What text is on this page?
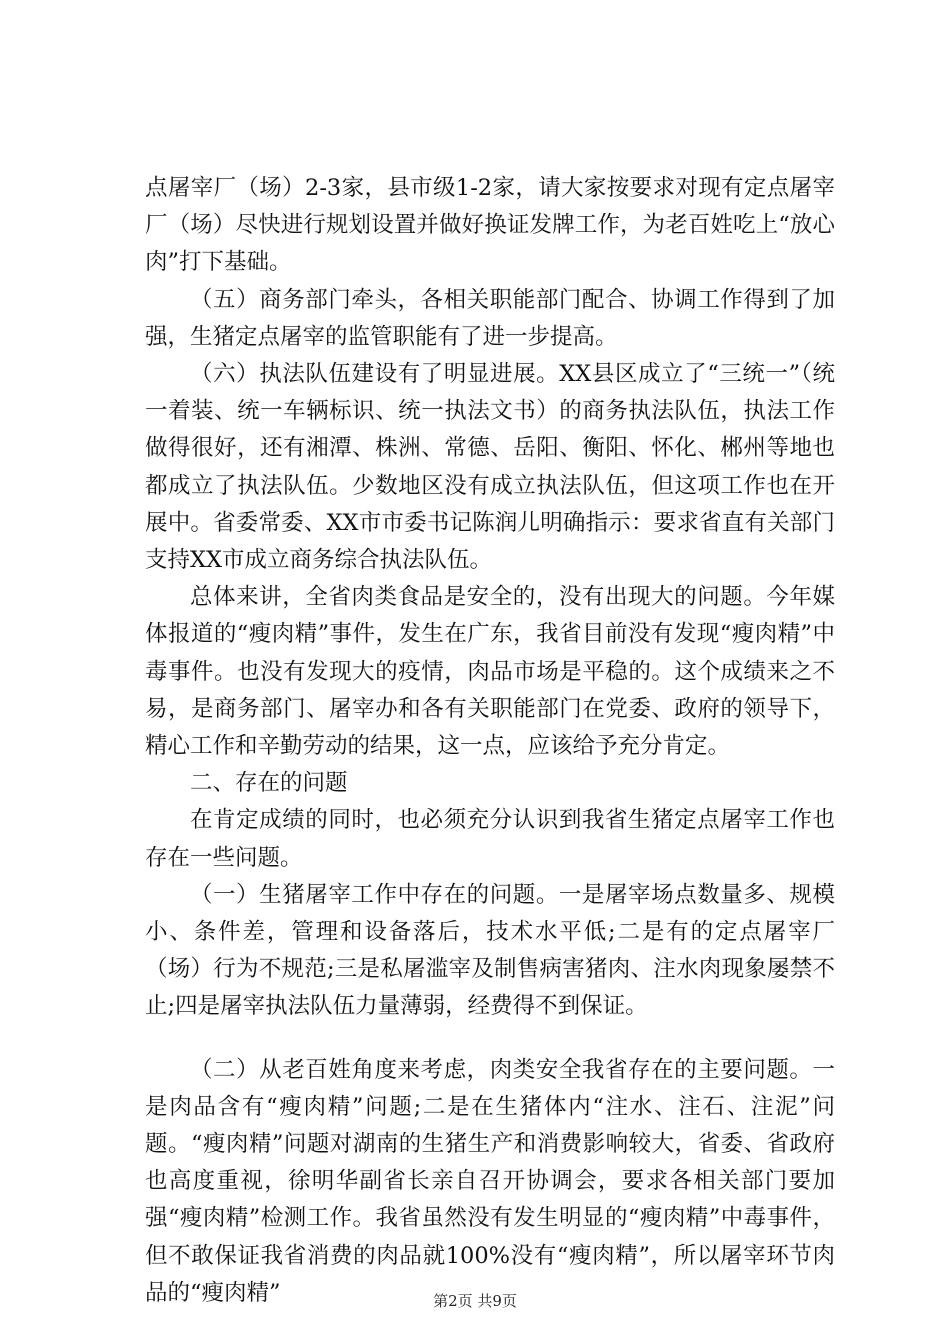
点屠宰厂（场）2-3家，县市级1-2家，请大家按要求对现有定点屠宰厂（场）尽快进行规划设置并做好换证发牌工作，为老百姓吃上“放心肉”打下基础。

（五）商务部门牵头，各相关职能部门配合、协调工作得到了加强，生猪定点屠宰的监管职能有了进一步提高。

（六）执法队伍建设有了明显进展。XX县区成立了“三统一”（统一着装、统一车辆标识、统一执法文书）的商务执法队伍，执法工作做得很好，还有湘潭、株洲、常德、岳阳、衡阳、怀化、郴州等地也都成立了执法队伍。少数地区没有成立执法队伍，但这项工作也在开展中。省委常委、XX市市委书记陈润儿明确指示：要求省直有关部门支持XX市成立商务综合执法队伍。

总体来讲，全省肉类食品是安全的，没有出现大的问题。今年媒体报道的“瘦肉精”事件，发生在广东，我省目前没有发现“瘦肉精”中毒事件。也没有发现大的疫情，肉品市场是平稳的。这个成绩来之不易，是商务部门、屠宰办和各有关职能部门在党委、政府的领导下，精心工作和辛勤劳动的结果，这一点，应该给予充分肯定。

二、存在的问题

在肯定成绩的同时，也必须充分认识到我省生猪定点屠宰工作也存在一些问题。

（一）生猪屠宰工作中存在的问题。一是屠宰场点数量多、规模小、条件差，管理和设备落后，技术水平低;二是有的定点屠宰厂（场）行为不规范;三是私屠滥宰及制售病害猪肉、注水肉现象屡禁不止;四是屠宰执法队伍力量薄弱，经费得不到保证。

（二）从老百姓角度来考虑，肉类安全我省存在的主要问题。一是肉品含有“瘦肉精”问题;二是在生猪体内“注水、注石、注泥”问题。“瘦肉精”问题对湖南的生猪生产和消费影响较大，省委、省政府也高度重视，徐明华副省长亲自召开协调会，要求各相关部门要加强“瘦肉精”检测工作。我省虽然没有发生明显的“瘦肉精”中毒事件，但不敢保证我省消费的肉品就100%没有“瘦肉精”，所以屠宰环节肉品的“瘦肉精”	第2页 共9页
